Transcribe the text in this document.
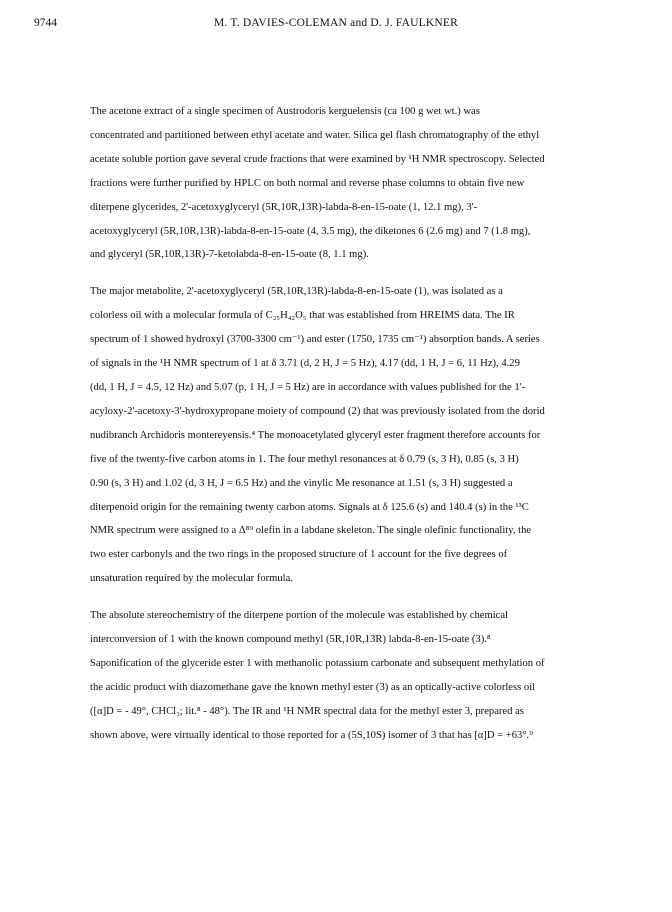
9744	M. T. DAVIES-COLEMAN and D. J. FAULKNER

The acetone extract of a single specimen of Austrodoris kerguelensis (ca 100 g wet wt.) was
concentrated and partitioned between ethyl acetate and water. Silica gel flash chromatography of the ethyl
acetate soluble portion gave several crude fractions that were examined by ¹H NMR spectroscopy. Selected
fractions were further purified by HPLC on both normal and reverse phase columns to obtain five new
diterpene glycerides, 2'-acetoxyglyceryl (5R,10R,13R)-labda-8-en-15-oate (1, 12.1 mg), 3'-
acetoxyglyceryl (5R,10R,13R)-labda-8-en-15-oate (4, 3.5 mg), the diketones 6 (2.6 mg) and 7 (1.8 mg),
and glyceryl (5R,10R,13R)-7-ketolabda-8-en-15-oate (8, 1.1 mg).

The major metabolite, 2'-acetoxyglyceryl (5R,10R,13R)-labda-8-en-15-oate (1), was isolated as a
colorless oil with a molecular formula of C₂₅H₄₂O₅ that was established from HREIMS data. The IR
spectrum of 1 showed hydroxyl (3700-3300 cm⁻¹) and ester (1750, 1735 cm⁻¹) absorption bands. A series
of signals in the ¹H NMR spectrum of 1 at δ 3.71 (d, 2 H, J = 5 Hz), 4.17 (dd, 1 H, J = 6, 11 Hz), 4.29
(dd, 1 H, J = 4.5, 12 Hz) and 5.07 (p, 1 H, J = 5 Hz) are in accordance with values published for the 1'-
acyloxy-2'-acetoxy-3'-hydroxypropane moiety of compound (2) that was previously isolated from the dorid
nudibranch Archidoris montereyensis.⁴ The monoacetylated glyceryl ester fragment therefore accounts for
five of the twenty-five carbon atoms in 1. The four methyl resonances at δ 0.79 (s, 3 H), 0.85 (s, 3 H)
0.90 (s, 3 H) and 1.02 (d, 3 H, J = 6.5 Hz) and the vinylic Me resonance at 1.51 (s, 3 H) suggested a
diterpenoid origin for the remaining twenty carbon atoms. Signals at δ 125.6 (s) and 140.4 (s) in the ¹³C
NMR spectrum were assigned to a Δ⁸⁹ olefin in a labdane skeleton. The single olefinic functionality, the
two ester carbonyls and the two rings in the proposed structure of 1 account for the five degrees of
unsaturation required by the molecular formula.

The absolute stereochemistry of the diterpene portion of the molecule was established by chemical
interconversion of 1 with the known compound methyl (5R,10R,13R) labda-8-en-15-oate (3).⁸
Saponification of the glyceride ester 1 with methanolic potassium carbonate and subsequent methylation of
the acidic product with diazomethane gave the known methyl ester (3) as an optically-active colorless oil
([α]D = - 49°, CHCl₃; lit.⁸ - 48°). The IR and ¹H NMR spectral data for the methyl ester 3, prepared as
shown above, were virtually identical to those reported for a (5S,10S) isomer of 3 that has [α]D = +63°.⁹
